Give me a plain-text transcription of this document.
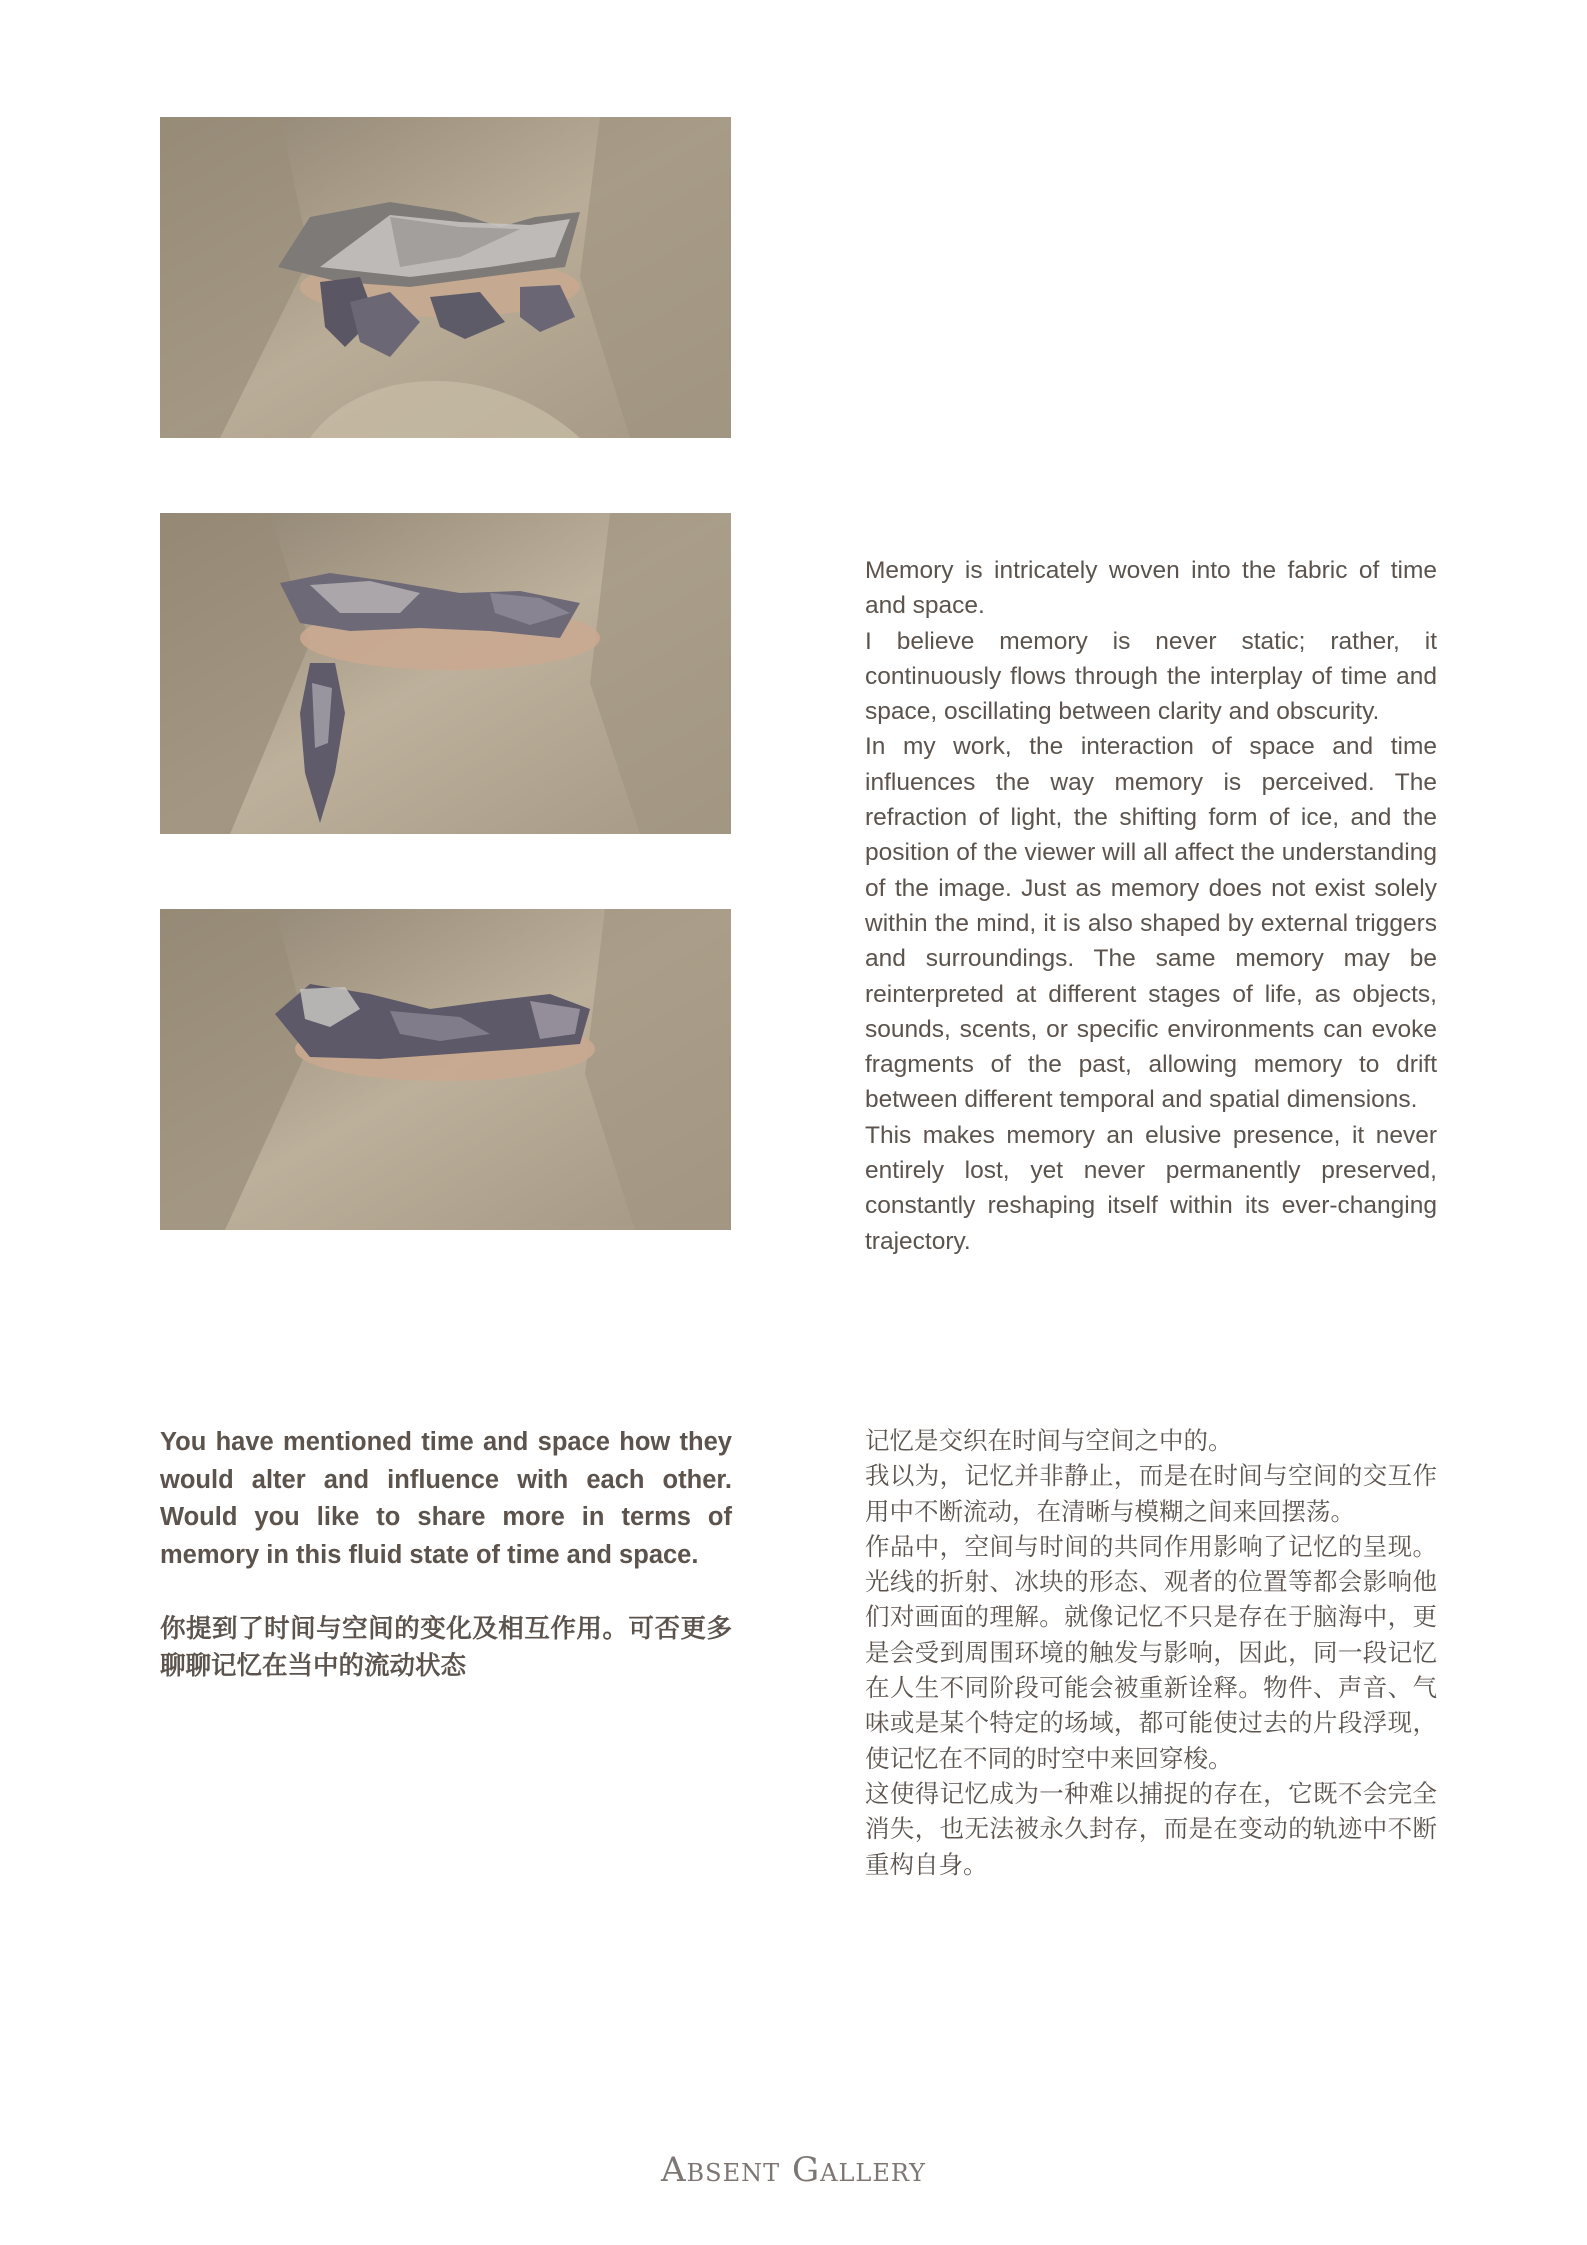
Memory is intricately woven into the fabric of time and space.

I believe memory is never static; rather, it continuously flows through the interplay of time and space, oscillating between clarity and obscurity.

In my work, the interaction of space and time influences the way memory is perceived. The refraction of light, the shifting form of ice, and the position of the viewer will all affect the understanding of the image. Just as memory does not exist solely within the mind, it is also shaped by external triggers and surroundings. The same memory may be reinterpreted at different stages of life, as objects, sounds, scents, or specific environments can evoke fragments of the past, allowing memory to drift between different temporal and spatial dimensions.

This makes memory an elusive presence, it never entirely lost, yet never permanently preserved, constantly reshaping itself within its ever-changing trajectory.

You have mentioned time and space how they would alter and influence with each other. Would you like to share more in terms of memory in this fluid state of time and space.

你提到了时间与空间的变化及相互作用。可否更多聊聊记忆在当中的流动状态

记忆是交织在时间与空间之中的。

我以为，记忆并非静止，而是在时间与空间的交互作用中不断流动，在清晰与模糊之间来回摆荡。

作品中，空间与时间的共同作用影响了记忆的呈现。光线的折射、冰块的形态、观者的位置等都会影响他们对画面的理解。就像记忆不只是存在于脑海中，更是会受到周围环境的触发与影响，因此，同一段记忆在人生不同阶段可能会被重新诠释。物件、声音、气味或是某个特定的场域，都可能使过去的片段浮现，使记忆在不同的时空中来回穿梭。

这使得记忆成为一种难以捕捉的存在，它既不会完全消失，也无法被永久封存，而是在变动的轨迹中不断重构自身。

Absent Gallery
